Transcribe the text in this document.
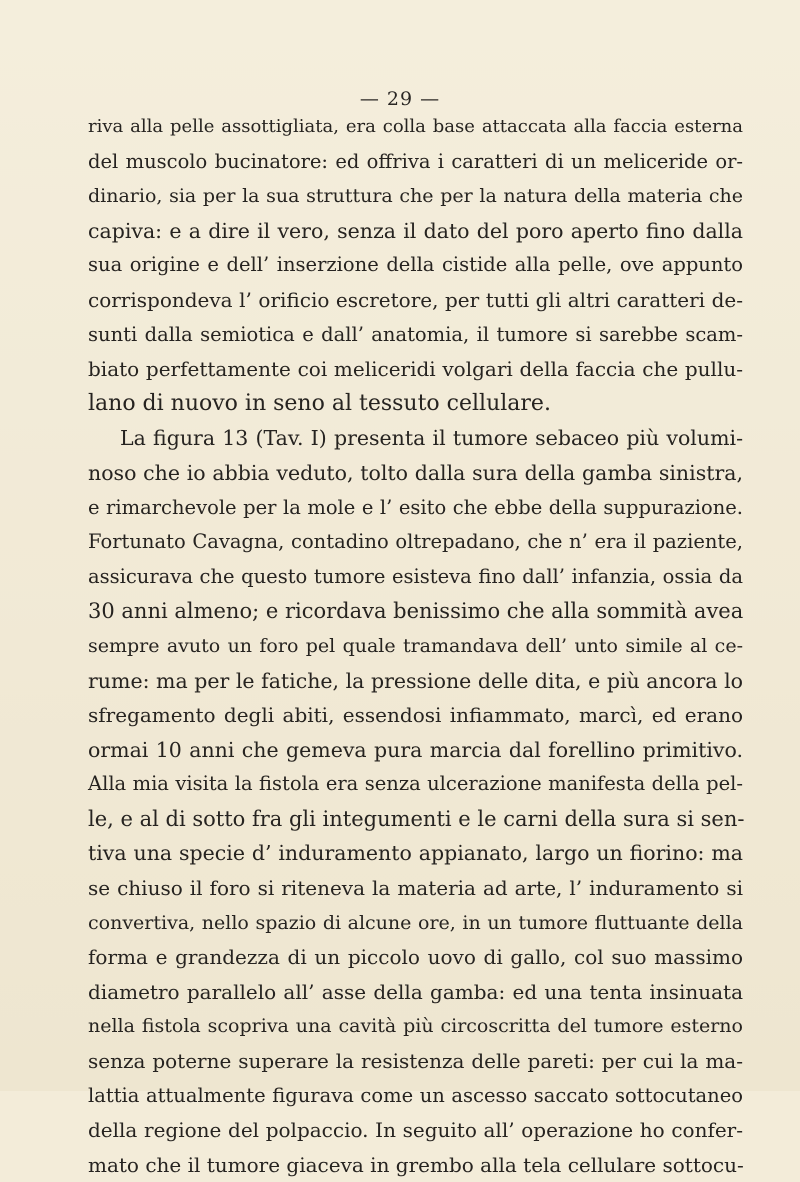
— 29 —
riva alla pelle assottigliata, era colla base attaccata alla faccia esterna
del muscolo bucinatore: ed offriva i caratteri di un meliceride or-
dinario, sia per la sua struttura che per la natura della materia che
capiva: e a dire il vero, senza il dato del poro aperto fino dalla
sua origine e dell’ inserzione della cistide alla pelle, ove appunto
corrispondeva l’ orificio escretore, per tutti gli altri caratteri de-
sunti dalla semiotica e dall’ anatomia, il tumore si sarebbe scam-
biato perfettamente coi meliceridi volgari della faccia che pullu-
lano di nuovo in seno al tessuto cellulare.
La figura 13 (Tav. I) presenta il tumore sebaceo più volumi-
noso che io abbia veduto, tolto dalla sura della gamba sinistra,
e rimarchevole per la mole e l’ esito che ebbe della suppurazione.
Fortunato Cavagna, contadino oltrepadano, che n’ era il paziente,
assicurava che questo tumore esisteva fino dall’ infanzia, ossia da
30 anni almeno; e ricordava benissimo che alla sommità avea
sempre avuto un foro pel quale tramandava dell’ unto simile al ce-
rume: ma per le fatiche, la pressione delle dita, e più ancora lo
sfregamento degli abiti, essendosi infiammato, marcì, ed erano
ormai 10 anni che gemeva pura marcia dal forellino primitivo.
Alla mia visita la fistola era senza ulcerazione manifesta della pel-
le, e al di sotto fra gli integumenti e le carni della sura si sen-
tiva una specie d’ induramento appianato, largo un fiorino: ma
se chiuso il foro si riteneva la materia ad arte, l’ induramento si
convertiva, nello spazio di alcune ore, in un tumore fluttuante della
forma e grandezza di un piccolo uovo di gallo, col suo massimo
diametro parallelo all’ asse della gamba: ed una tenta insinuata
nella fistola scopriva una cavità più circoscritta del tumore esterno
senza poterne superare la resistenza delle pareti: per cui la ma-
lattia attualmente figurava come un ascesso saccato sottocutaneo
della regione del polpaccio. In seguito all’ operazione ho confer-
mato che il tumore giaceva in grembo alla tela cellulare sottocu-
